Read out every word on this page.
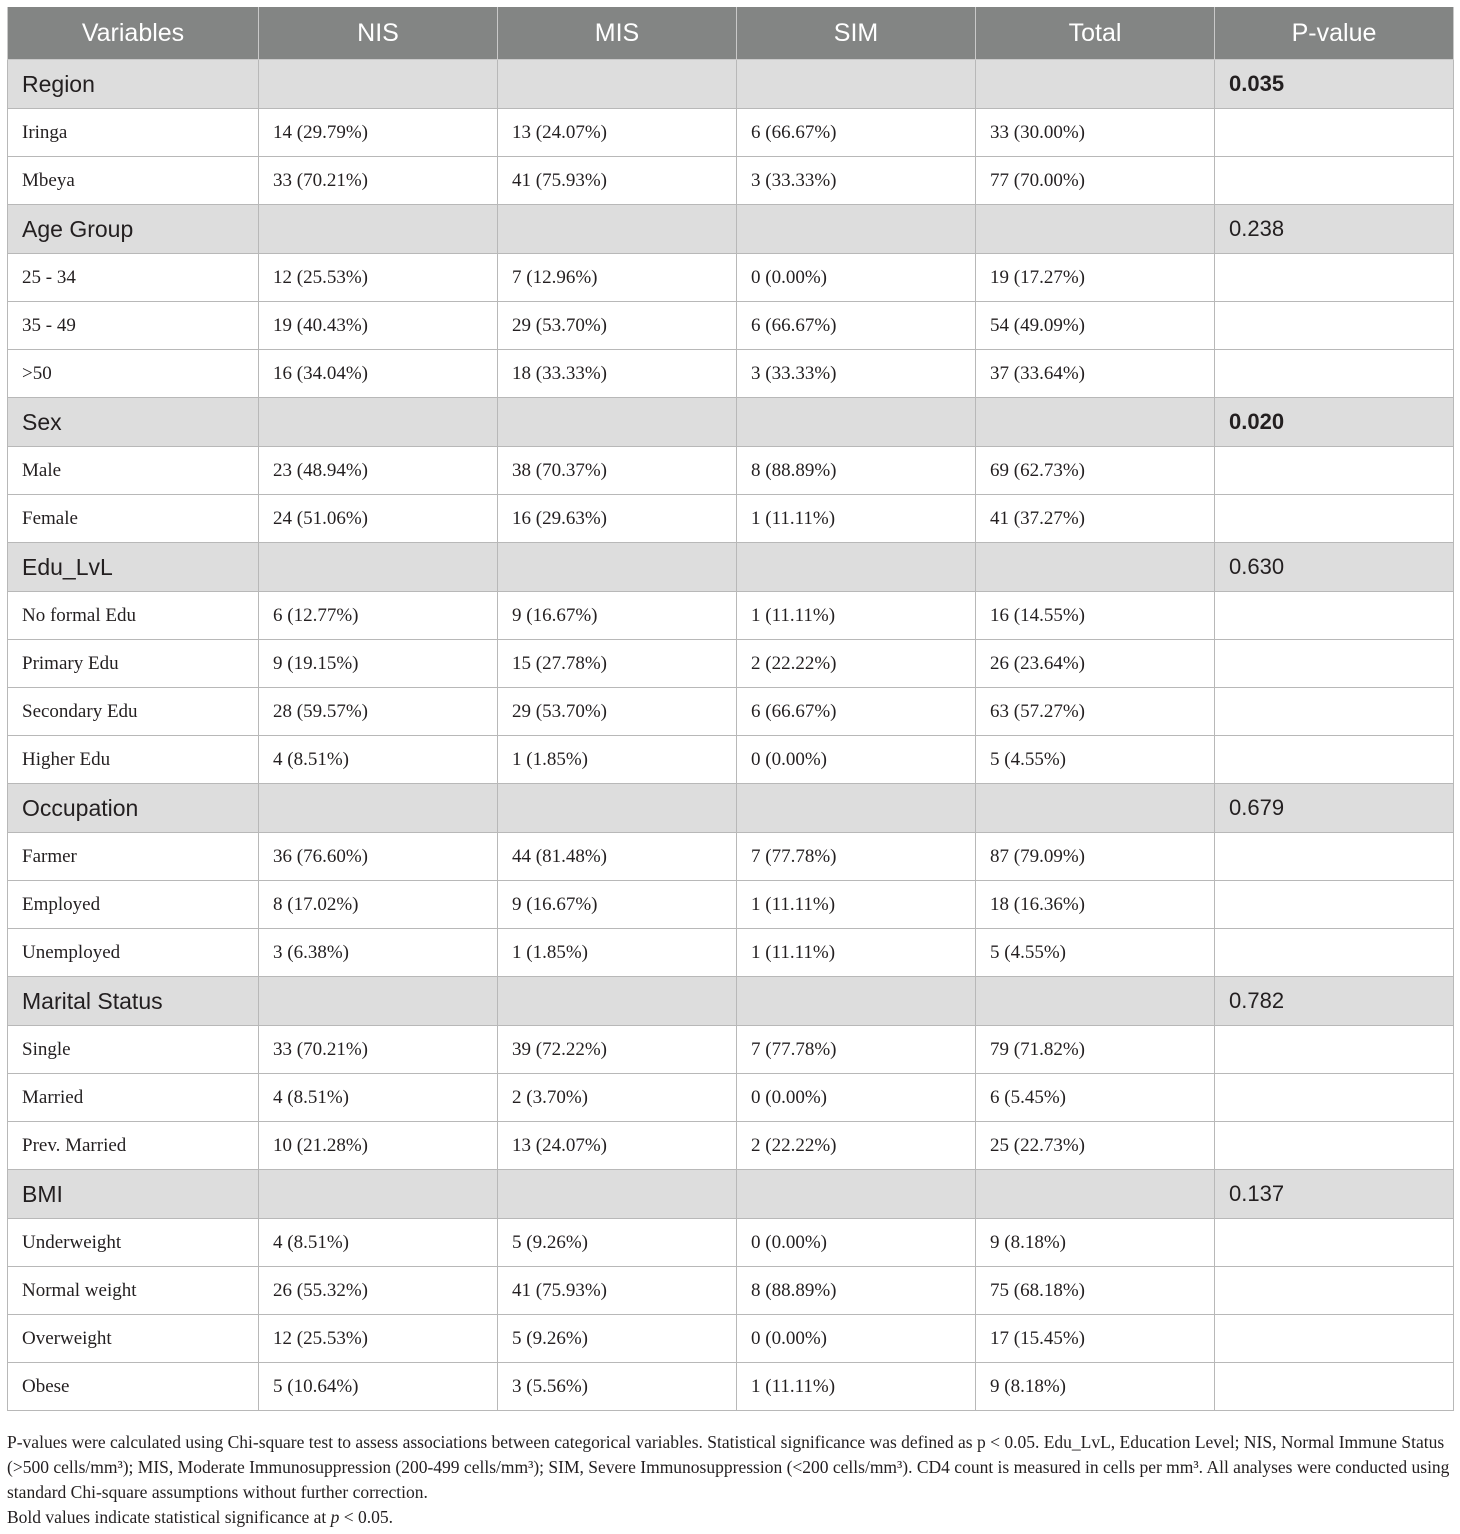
Variables	NIS	MIS	SIM	Total	P-value
Region					0.035
Iringa	14 (29.79%)	13 (24.07%)	6 (66.67%)	33 (30.00%)	
Mbeya	33 (70.21%)	41 (75.93%)	3 (33.33%)	77 (70.00%)	
Age Group					0.238
25 - 34	12 (25.53%)	7 (12.96%)	0 (0.00%)	19 (17.27%)	
35 - 49	19 (40.43%)	29 (53.70%)	6 (66.67%)	54 (49.09%)	
>50	16 (34.04%)	18 (33.33%)	3 (33.33%)	37 (33.64%)	
Sex					0.020
Male	23 (48.94%)	38 (70.37%)	8 (88.89%)	69 (62.73%)	
Female	24 (51.06%)	16 (29.63%)	1 (11.11%)	41 (37.27%)	
Edu_LvL					0.630
No formal Edu	6 (12.77%)	9 (16.67%)	1 (11.11%)	16 (14.55%)	
Primary Edu	9 (19.15%)	15 (27.78%)	2 (22.22%)	26 (23.64%)	
Secondary Edu	28 (59.57%)	29 (53.70%)	6 (66.67%)	63 (57.27%)	
Higher Edu	4 (8.51%)	1 (1.85%)	0 (0.00%)	5 (4.55%)	
Occupation					0.679
Farmer	36 (76.60%)	44 (81.48%)	7 (77.78%)	87 (79.09%)	
Employed	8 (17.02%)	9 (16.67%)	1 (11.11%)	18 (16.36%)	
Unemployed	3 (6.38%)	1 (1.85%)	1 (11.11%)	5 (4.55%)	
Marital Status					0.782
Single	33 (70.21%)	39 (72.22%)	7 (77.78%)	79 (71.82%)	
Married	4 (8.51%)	2 (3.70%)	0 (0.00%)	6 (5.45%)	
Prev. Married	10 (21.28%)	13 (24.07%)	2 (22.22%)	25 (22.73%)	
BMI					0.137
Underweight	4 (8.51%)	5 (9.26%)	0 (0.00%)	9 (8.18%)	
Normal weight	26 (55.32%)	41 (75.93%)	8 (88.89%)	75 (68.18%)	
Overweight	12 (25.53%)	5 (9.26%)	0 (0.00%)	17 (15.45%)	
Obese	5 (10.64%)	3 (5.56%)	1 (11.11%)	9 (8.18%)	

P-values were calculated using Chi-square test to assess associations between categorical variables. Statistical significance was defined as p < 0.05. Edu_LvL, Education Level; NIS, Normal Immune Status (>500 cells/mm³); MIS, Moderate Immunosuppression (200-499 cells/mm³); SIM, Severe Immunosuppression (<200 cells/mm³). CD4 count is measured in cells per mm³. All analyses were conducted using standard Chi-square assumptions without further correction.

Bold values indicate statistical significance at p < 0.05.
